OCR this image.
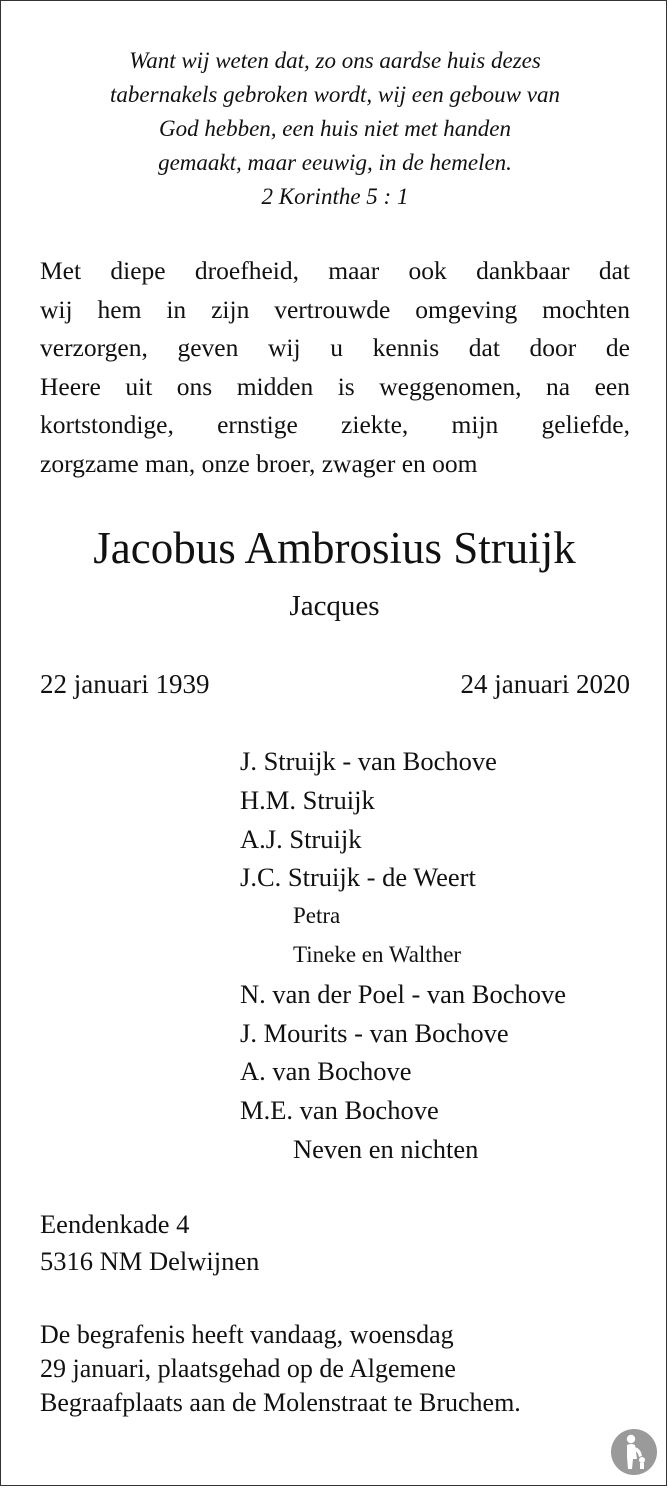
Want wij weten dat, zo ons aardse huis dezes
tabernakels gebroken wordt, wij een gebouw van
God hebben, een huis niet met handen
gemaakt, maar eeuwig, in de hemelen.
2 Korinthe 5 : 1
Met diepe droefheid, maar ook dankbaar dat
wij hem in zijn vertrouwde omgeving mochten
verzorgen, geven wij u kennis dat door de
Heere uit ons midden is weggenomen, na een
kortstondige, ernstige ziekte, mijn geliefde,
zorgzame man, onze broer, zwager en oom
Jacobus Ambrosius Struijk
Jacques
22 januari 1939	24 januari 2020
J. Struijk - van Bochove
H.M. Struijk
A.J. Struijk
J.C. Struijk - de Weert
Petra
Tineke en Walther
N. van der Poel - van Bochove
J. Mourits - van Bochove
A. van Bochove
M.E. van Bochove
Neven en nichten
Eendenkade 4
5316 NM Delwijnen
De begrafenis heeft vandaag, woensdag
29 januari, plaatsgehad op de Algemene
Begraafplaats aan de Molenstraat te Bruchem.
